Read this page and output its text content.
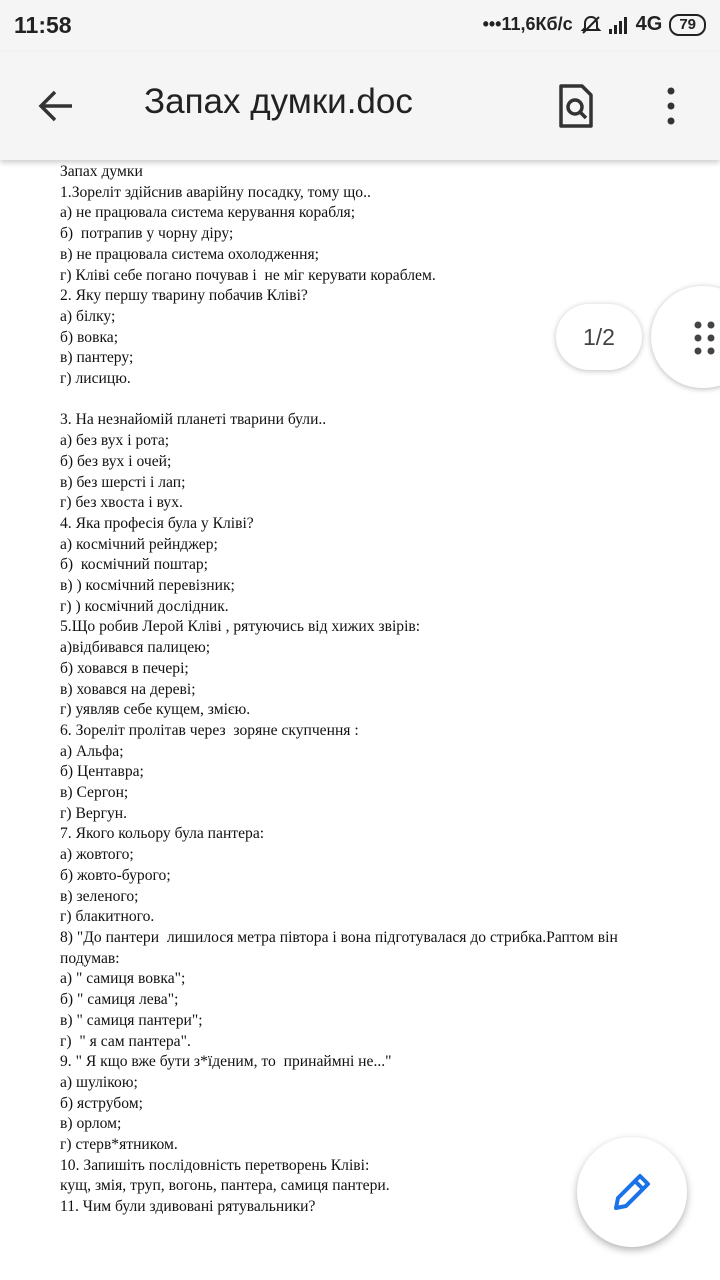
11:58	•••11,6Кб/с	4G	79
Запах думки.doc

Запах думки

1.Зореліт здійснив аварійну посадку, тому що..

а) не працювала система керування корабля;

б)  потрапив у чорну діру;

в) не працювала система охолодження;

г) Кліві себе погано почував і  не міг керувати кораблем.

2. Яку першу тварину побачив Кліві?

а) білку;

б) вовка;

в) пантеру;

г) лисицю.

3. На незнайомій планеті тварини були..

а) без вух і рота;

б) без вух і очей;

в) без шерсті і лап;

г) без хвоста і вух.

4. Яка професія була у Кліві?

а) космічний рейнджер;

б)  космічний поштар;

в) ) космічний перевізник;

г) ) космічний дослідник.

5.Що робив Лерой Кліві , рятуючись від хижих звірів:

а)відбивався палицею;

б) ховався в печері;

в) ховався на дереві;

г) уявляв себе кущем, змією.

6. Зореліт пролітав через  зоряне скупчення :

а) Альфа;

б) Центавра;

в) Сергон;

г) Вергун.

7. Якого кольору була пантера:

а) жовтого;

б) жовто-бурого;

в) зеленого;

г) блакитного.

8) "До пантери  лишилося метра півтора і вона підготувалася до стрибка.Раптом він

подумав:

а) " самиця вовка";

б) " самиця лева";

в) " самиця пантери";

г)  " я сам пантера".

9. " Я кщо вже бути з*їденим, то  принаймні не..."

а) шулікою;

б) яструбом;

в) орлом;

г) стерв*ятником.

10. Запишіть послідовність перетворень Кліві:

кущ, змія, труп, вогонь, пантера, самиця пантери.

11. Чим були здивовані рятувальники?

1/2
